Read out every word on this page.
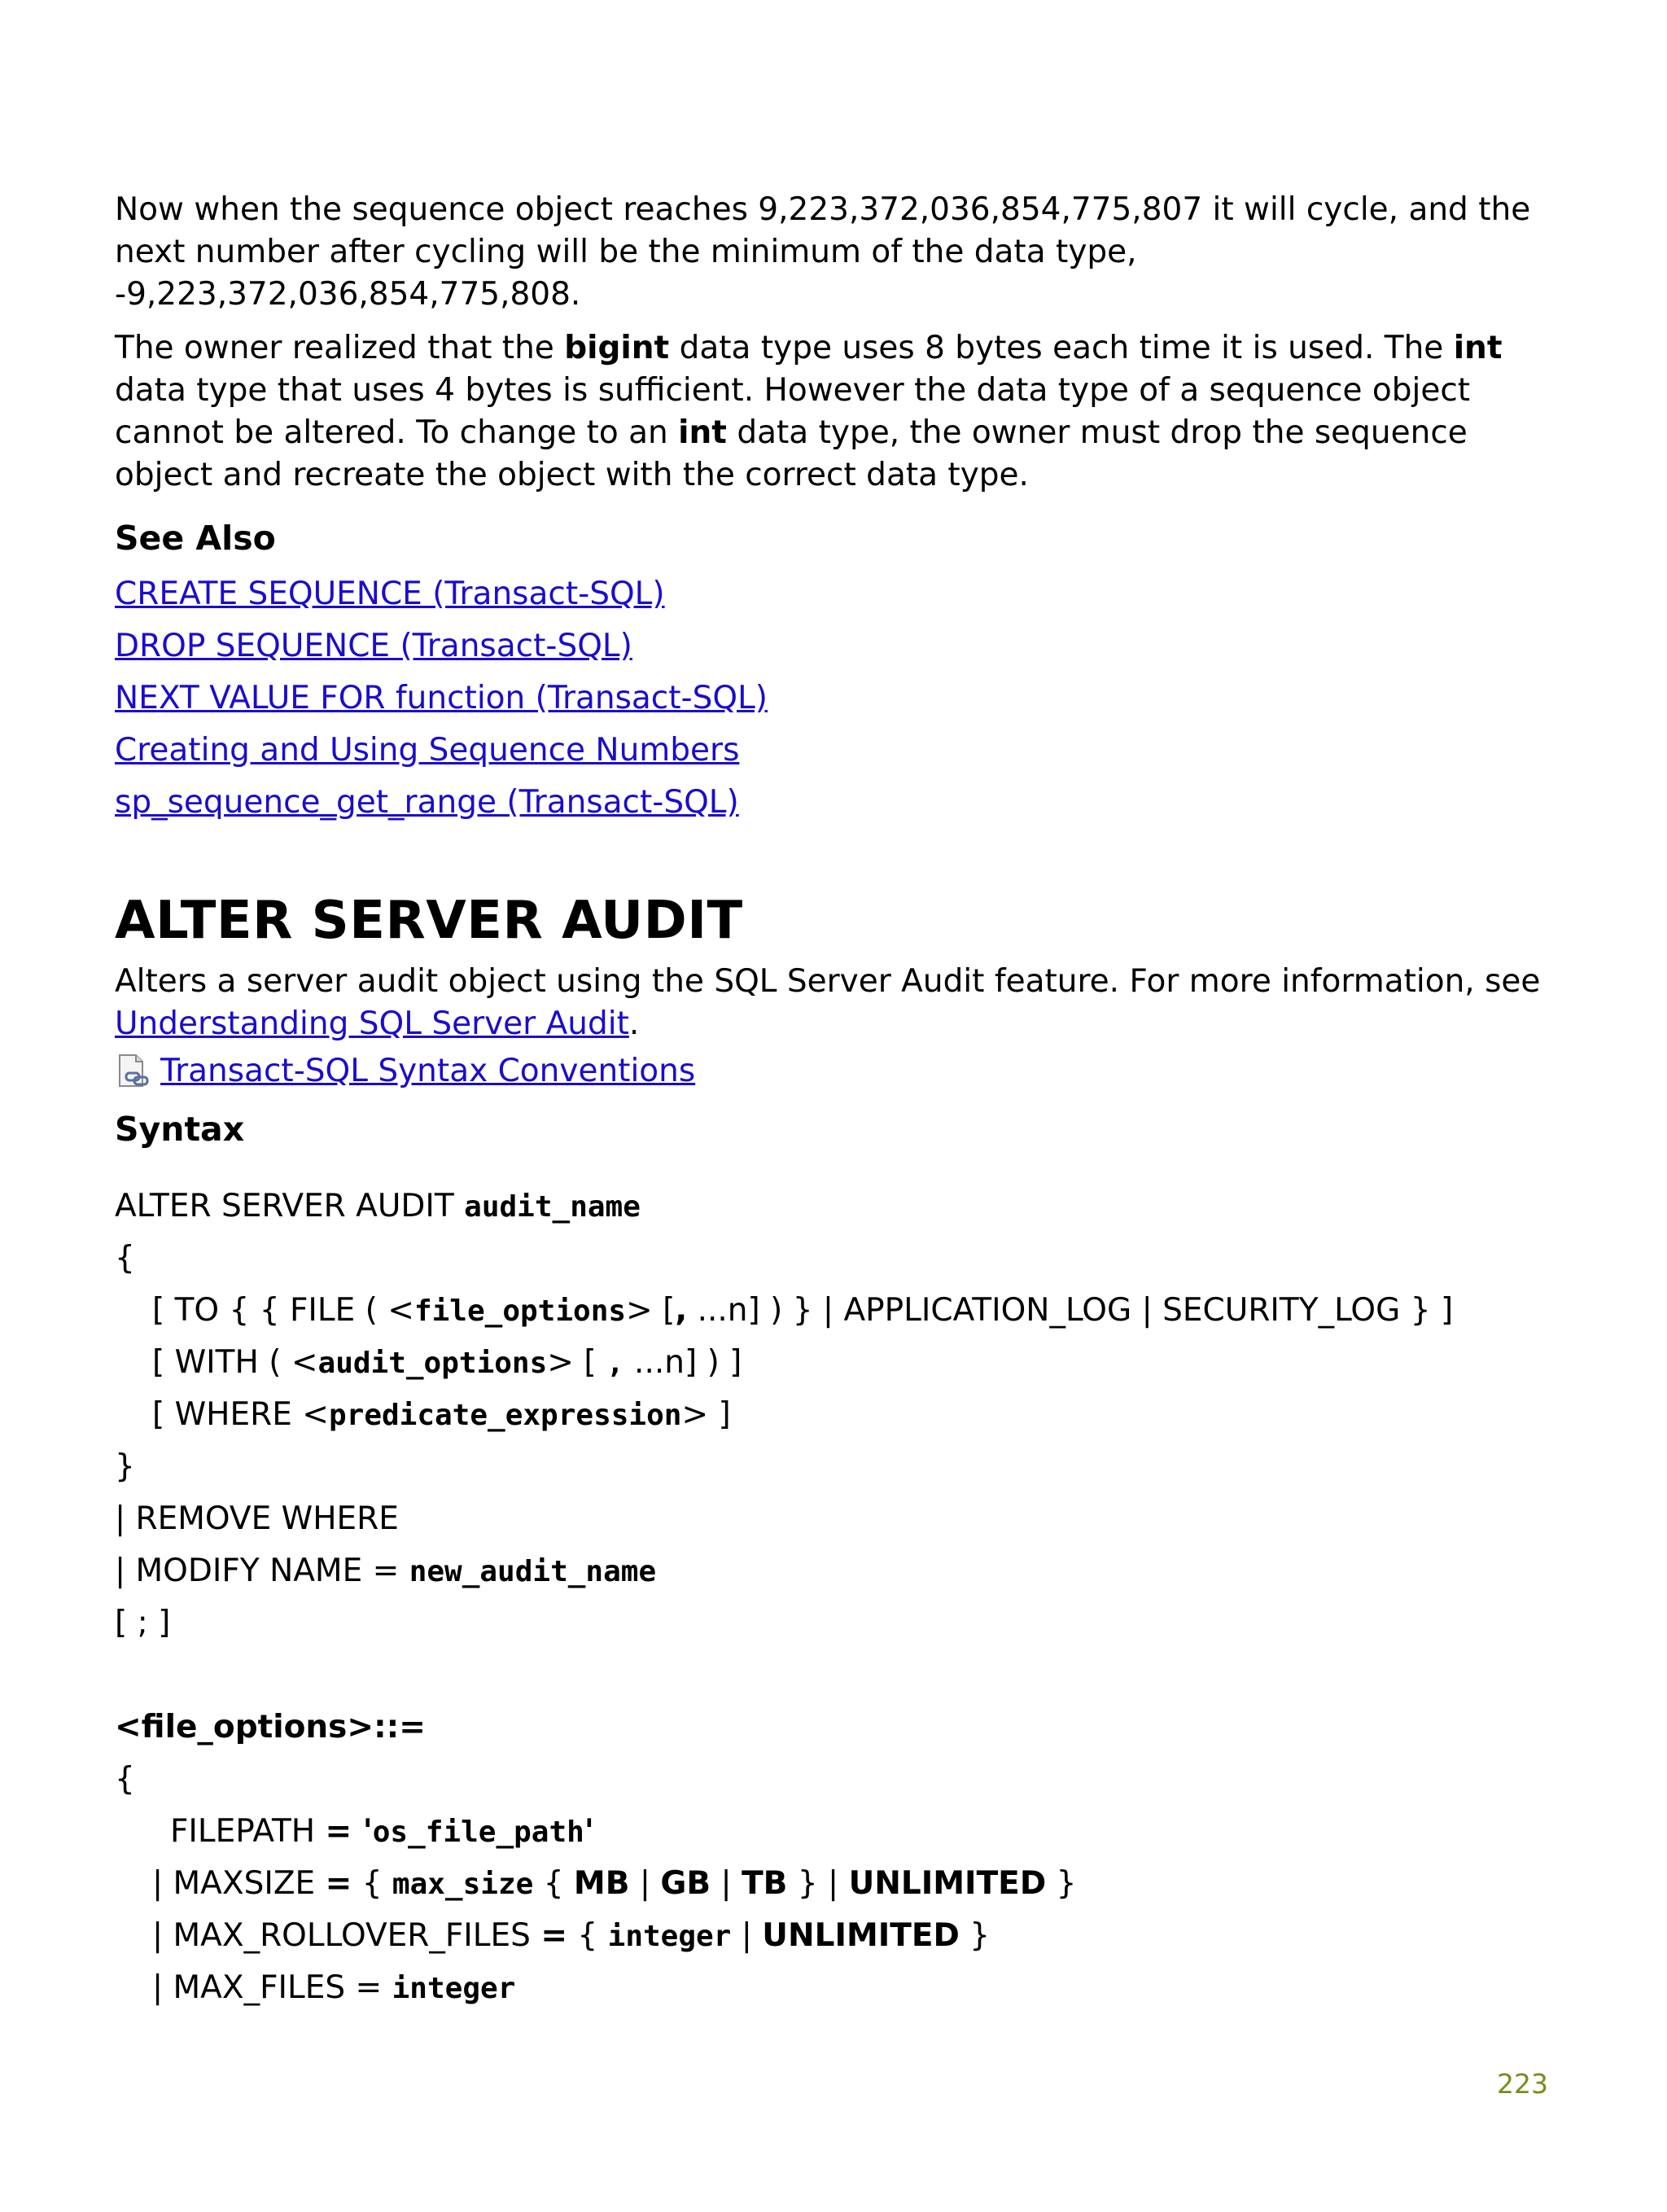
Now when the sequence object reaches 9,223,372,036,854,775,807 it will cycle, and the next number after cycling will be the minimum of the data type, -9,223,372,036,854,775,808.

The owner realized that the bigint data type uses 8 bytes each time it is used. The int data type that uses 4 bytes is sufficient. However the data type of a sequence object cannot be altered. To change to an int data type, the owner must drop the sequence object and recreate the object with the correct data type.

See Also
CREATE SEQUENCE (Transact-SQL)
DROP SEQUENCE (Transact-SQL)
NEXT VALUE FOR function (Transact-SQL)
Creating and Using Sequence Numbers
sp_sequence_get_range (Transact-SQL)
ALTER SERVER AUDIT

Alters a server audit object using the SQL Server Audit feature. For more information, see Understanding SQL Server Audit.

Transact-SQL Syntax Conventions
Syntax
ALTER SERVER AUDIT audit_name
{
[ TO { { FILE ( <file_options> [, ...n] ) } | APPLICATION_LOG | SECURITY_LOG } ]
[ WITH ( <audit_options> [ , ...n] ) ]
[ WHERE <predicate_expression> ]
}
| REMOVE WHERE
| MODIFY NAME = new_audit_name
[ ; ]
<file_options>::=
{
FILEPATH = 'os_file_path'
| MAXSIZE = { max_size { MB | GB | TB } | UNLIMITED }
| MAX_ROLLOVER_FILES = { integer | UNLIMITED }
| MAX_FILES = integer
223
